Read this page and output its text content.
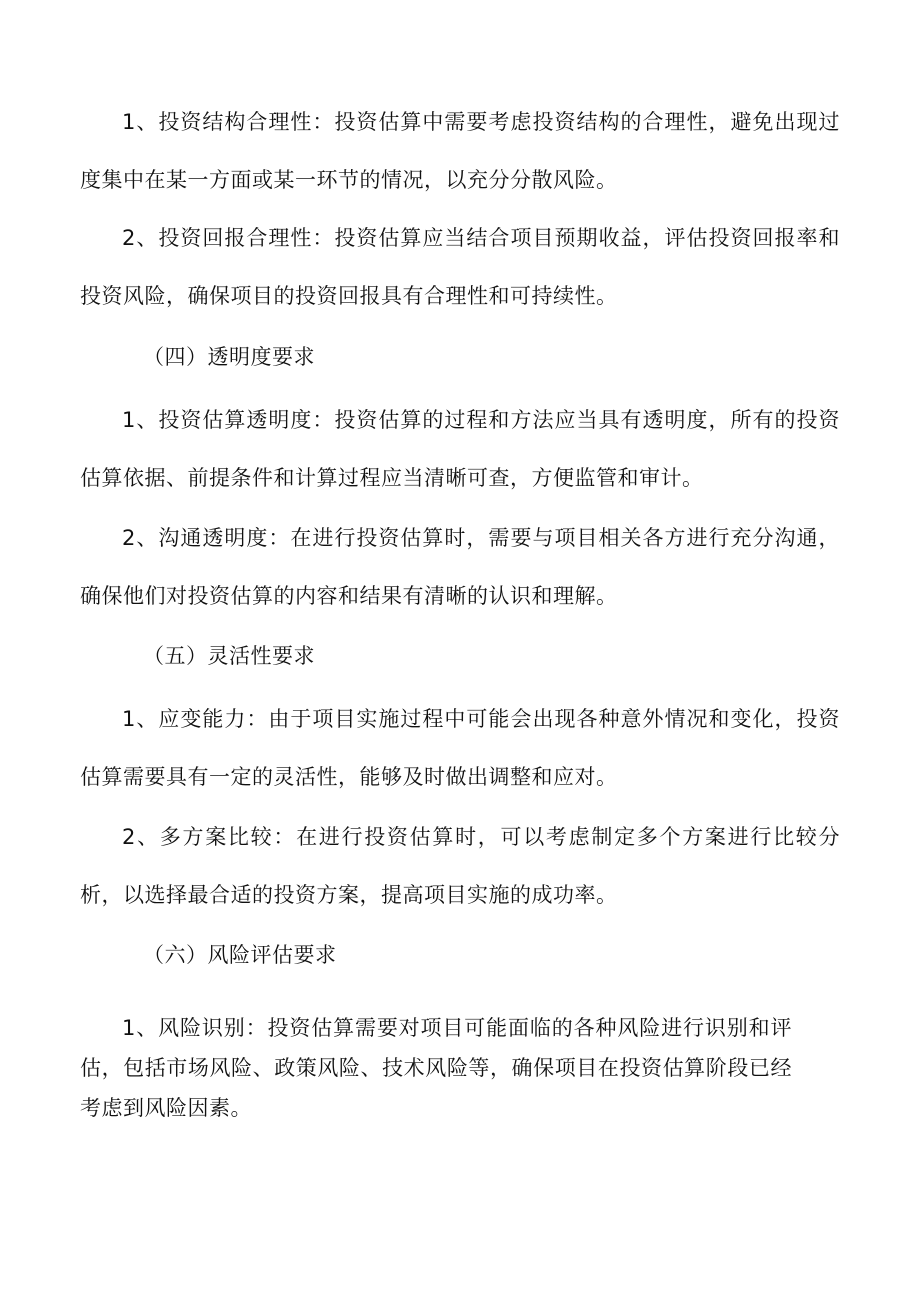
1、投资结构合理性：投资估算中需要考虑投资结构的合理性，避免出现过度集中在某一方面或某一环节的情况，以充分分散风险。

2、投资回报合理性：投资估算应当结合项目预期收益，评估投资回报率和投资风险，确保项目的投资回报具有合理性和可持续性。

（四）透明度要求

1、投资估算透明度：投资估算的过程和方法应当具有透明度，所有的投资估算依据、前提条件和计算过程应当清晰可查，方便监管和审计。

2、沟通透明度：在进行投资估算时，需要与项目相关各方进行充分沟通，确保他们对投资估算的内容和结果有清晰的认识和理解。

（五）灵活性要求

1、应变能力：由于项目实施过程中可能会出现各种意外情况和变化，投资估算需要具有一定的灵活性，能够及时做出调整和应对。

2、多方案比较：在进行投资估算时，可以考虑制定多个方案进行比较分析，以选择最合适的投资方案，提高项目实施的成功率。

（六）风险评估要求

1、风险识别：投资估算需要对项目可能面临的各种风险进行识别和评估，包括市场风险、政策风险、技术风险等，确保项目在投资估算阶段已经考虑到风险因素。
